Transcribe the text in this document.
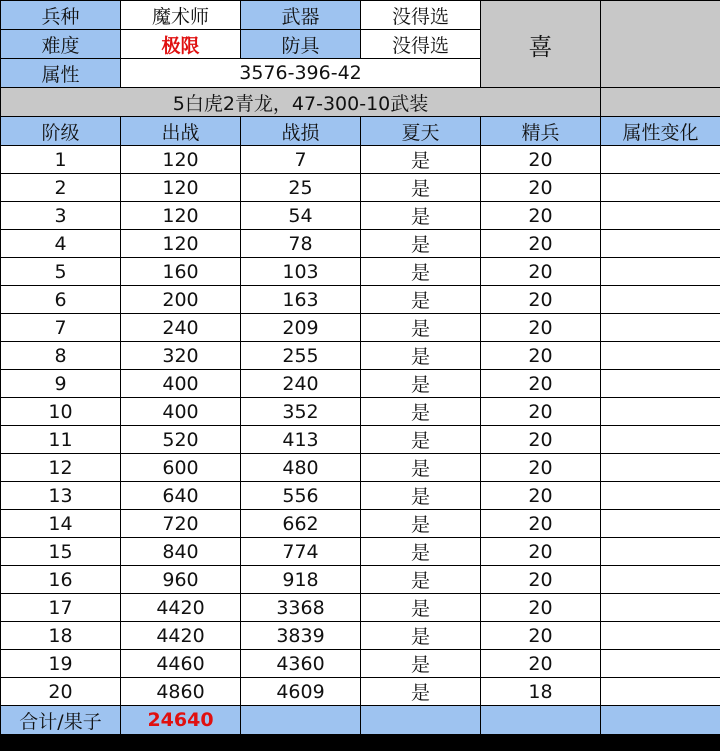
兵种	魔术师	武器	没得选	喜	
难度	极限	防具	没得选		
属性	3576-396-42				
5白虎2青龙，47-300-10武装					
阶级	出战	战损	夏天	精兵	属性变化
1	120	7	是	20	
2	120	25	是	20	
3	120	54	是	20	
4	120	78	是	20	
5	160	103	是	20	
6	200	163	是	20	
7	240	209	是	20	
8	320	255	是	20	
9	400	240	是	20	
10	400	352	是	20	
11	520	413	是	20	
12	600	480	是	20	
13	640	556	是	20	
14	720	662	是	20	
15	840	774	是	20	
16	960	918	是	20	
17	4420	3368	是	20	
18	4420	3839	是	20	
19	4460	4360	是	20	
20	4860	4609	是	18	
合计/果子	24640				
